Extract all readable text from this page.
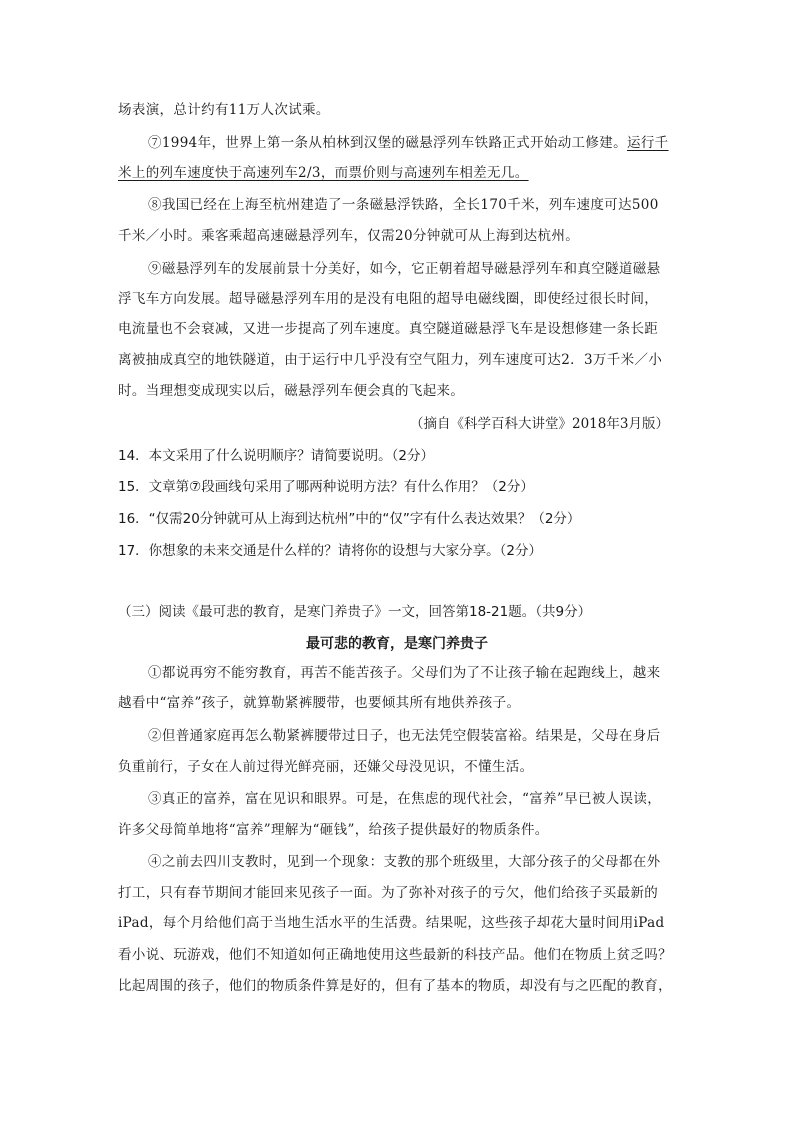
场表演，总计约有11万人次试乘。
⑦1994年，世界上第一条从柏林到汉堡的磁悬浮列车铁路正式开始动工修建。运行千
米上的列车速度快于高速列车2/3，而票价则与高速列车相差无几。
⑧我国已经在上海至杭州建造了一条磁悬浮铁路，全长170千米，列车速度可达500
千米／小时。乘客乘超高速磁悬浮列车，仅需20分钟就可从上海到达杭州。
⑨磁悬浮列车的发展前景十分美好，如今，它正朝着超导磁悬浮列车和真空隧道磁悬
浮飞车方向发展。超导磁悬浮列车用的是没有电阻的超导电磁线圈，即使经过很长时间，
电流量也不会衰减，又进一步提高了列车速度。真空隧道磁悬浮飞车是设想修建一条长距
离被抽成真空的地铁隧道，由于运行中几乎没有空气阻力，列车速度可达2．3万千米／小
时。当理想变成现实以后，磁悬浮列车便会真的飞起来。
（摘自《科学百科大讲堂》2018年3月版）
14．本文采用了什么说明顺序？请简要说明。（2分）
15．文章第⑦段画线句采用了哪两种说明方法？有什么作用？（2分）
16．“仅需20分钟就可从上海到达杭州”中的“仅”字有什么表达效果？（2分）
17．你想象的未来交通是什么样的？请将你的设想与大家分享。（2分）
（三）阅读《最可悲的教育，是寒门养贵子》一文，回答第18-21题。（共9分）
最可悲的教育，是寒门养贵子
①都说再穷不能穷教育，再苦不能苦孩子。父母们为了不让孩子输在起跑线上，越来
越看中“富养”孩子，就算勒紧裤腰带，也要倾其所有地供养孩子。
②但普通家庭再怎么勒紧裤腰带过日子，也无法凭空假装富裕。结果是，父母在身后
负重前行，子女在人前过得光鲜亮丽，还嫌父母没见识，不懂生活。
③真正的富养，富在见识和眼界。可是，在焦虑的现代社会，“富养”早已被人误读，
许多父母简单地将“富养”理解为“砸钱”，给孩子提供最好的物质条件。
④之前去四川支教时，见到一个现象：支教的那个班级里，大部分孩子的父母都在外
打工，只有春节期间才能回来见孩子一面。为了弥补对孩子的亏欠，他们给孩子买最新的
iPad，每个月给他们高于当地生活水平的生活费。结果呢，这些孩子却花大量时间用iPad
看小说、玩游戏，他们不知道如何正确地使用这些最新的科技产品。他们在物质上贫乏吗？
比起周围的孩子，他们的物质条件算是好的，但有了基本的物质，却没有与之匹配的教育，
